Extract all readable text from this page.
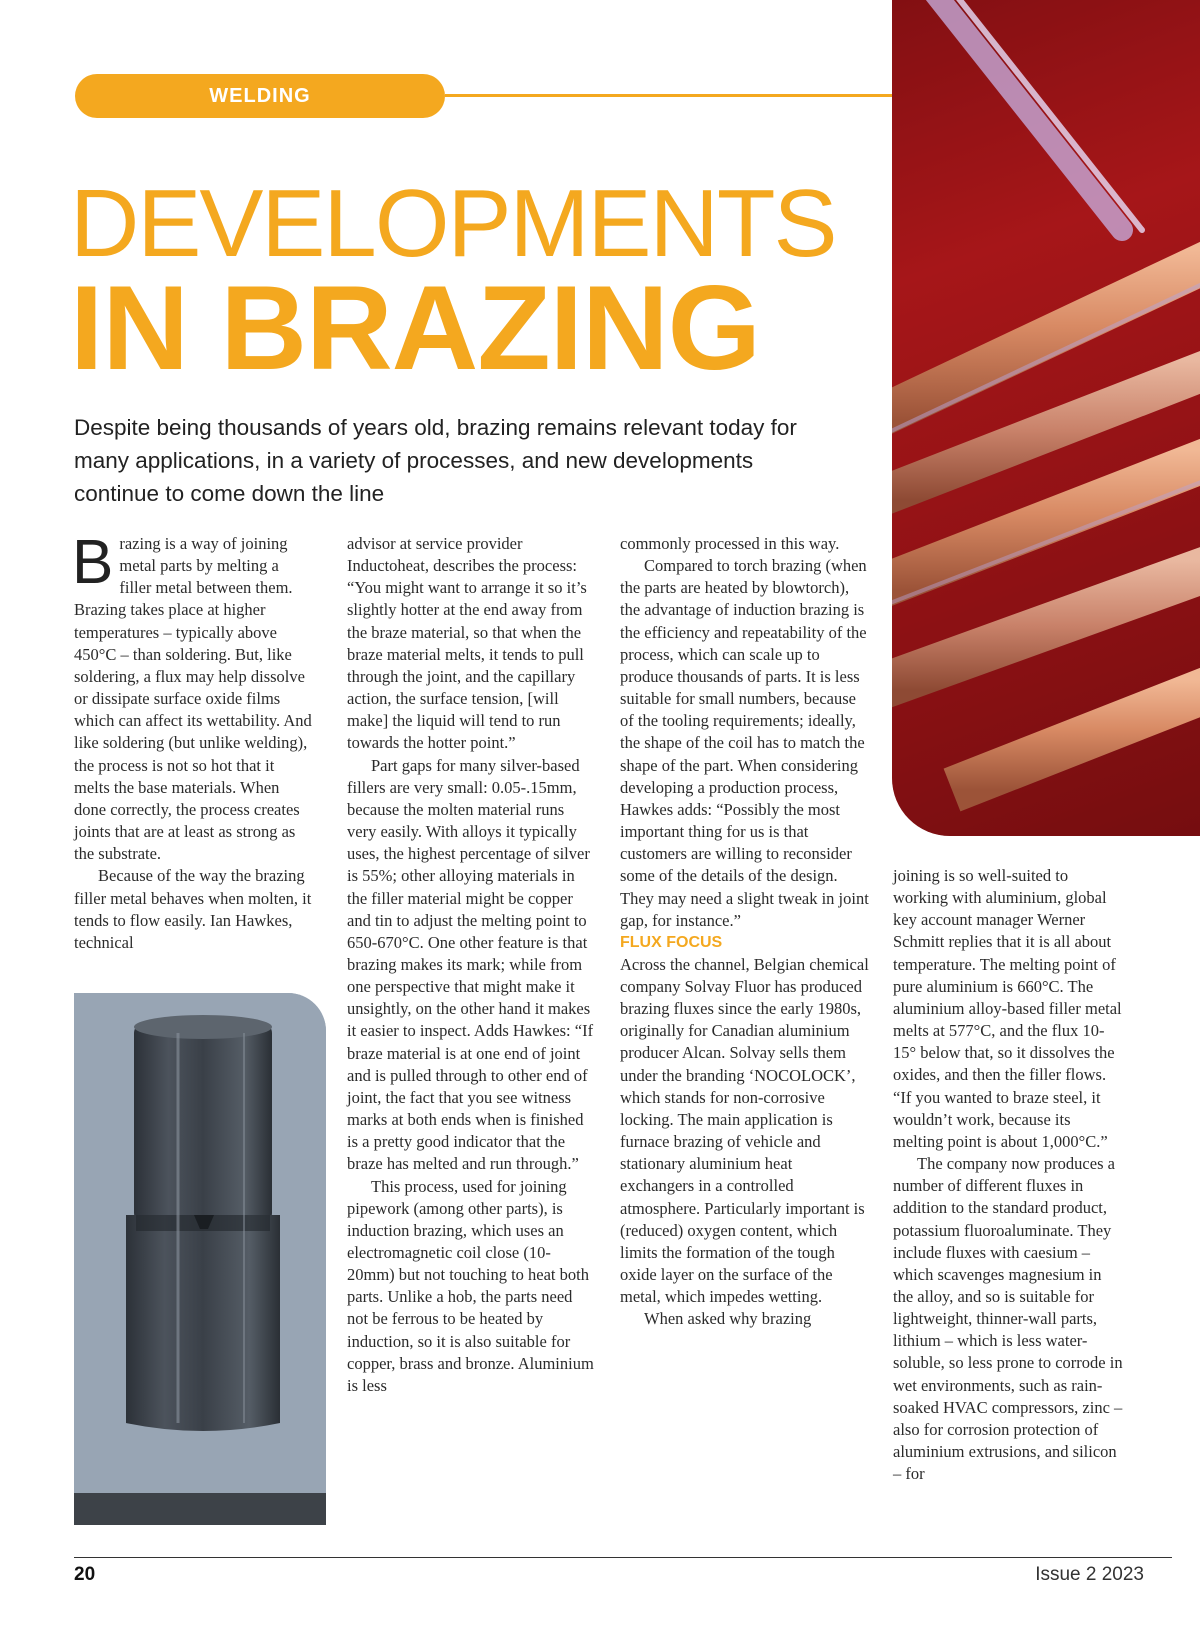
WELDING
DEVELOPMENTS
IN BRAZING
Despite being thousands of years old, brazing remains relevant today for many applications, in a variety of processes, and new developments continue to come down the line

Brazing is a way of joining metal parts by melting a filler metal between them. Brazing takes place at higher temperatures – typically above 450°C – than soldering. But, like soldering, a flux may help dissolve or dissipate surface oxide films which can affect its wettability. And like soldering (but unlike welding), the process is not so hot that it melts the base materials. When done correctly, the process creates joints that are at least as strong as the substrate.

Because of the way the brazing filler metal behaves when molten, it tends to flow easily. Ian Hawkes, technical

advisor at service provider Inductoheat, describes the process: “You might want to arrange it so it’s slightly hotter at the end away from the braze material, so that when the braze material melts, it tends to pull through the joint, and the capillary action, the surface tension, [will make] the liquid will tend to run towards the hotter point.”

Part gaps for many silver-based fillers are very small: 0.05-.15mm, because the molten material runs very easily. With alloys it typically uses, the highest percentage of silver is 55%; other alloying materials in the filler material might be copper and tin to adjust the melting point to 650-670°C. One other feature is that brazing makes its mark; while from one perspective that might make it unsightly, on the other hand it makes it easier to inspect. Adds Hawkes: “If braze material is at one end of joint and is pulled through to other end of joint, the fact that you see witness marks at both ends when is finished is a pretty good indicator that the braze has melted and run through.”

This process, used for joining pipework (among other parts), is induction brazing, which uses an electromagnetic coil close (10-20mm) but not touching to heat both parts. Unlike a hob, the parts need not be ferrous to be heated by induction, so it is also suitable for copper, brass and bronze. Aluminium is less

commonly processed in this way.

Compared to torch brazing (when the parts are heated by blowtorch), the advantage of induction brazing is the efficiency and repeatability of the process, which can scale up to produce thousands of parts. It is less suitable for small numbers, because of the tooling requirements; ideally, the shape of the coil has to match the shape of the part. When considering developing a production process, Hawkes adds: “Possibly the most important thing for us is that customers are willing to reconsider some of the details of the design. They may need a slight tweak in joint gap, for instance.”

FLUX FOCUS

Across the channel, Belgian chemical company Solvay Fluor has produced brazing fluxes since the early 1980s, originally for Canadian aluminium producer Alcan. Solvay sells them under the branding ‘NOCOLOCK’, which stands for non-corrosive locking. The main application is furnace brazing of vehicle and stationary aluminium heat exchangers in a controlled atmosphere. Particularly important is (reduced) oxygen content, which limits the formation of the tough oxide layer on the surface of the metal, which impedes wetting.

When asked why brazing

joining is so well-suited to working with aluminium, global key account manager Werner Schmitt replies that it is all about temperature. The melting point of pure aluminium is 660°C. The aluminium alloy-based filler metal melts at 577°C, and the flux 10-15° below that, so it dissolves the oxides, and then the filler flows. “If you wanted to braze steel, it wouldn’t work, because its melting point is about 1,000°C.”

The company now produces a number of different fluxes in addition to the standard product, potassium fluoroaluminate. They include fluxes with caesium – which scavenges magnesium in the alloy, and so is suitable for lightweight, thinner-wall parts, lithium – which is less water-soluble, so less prone to corrode in wet environments, such as rain-soaked HVAC compressors, zinc – also for corrosion protection of aluminium extrusions, and silicon – for

20	Issue 2 2023
